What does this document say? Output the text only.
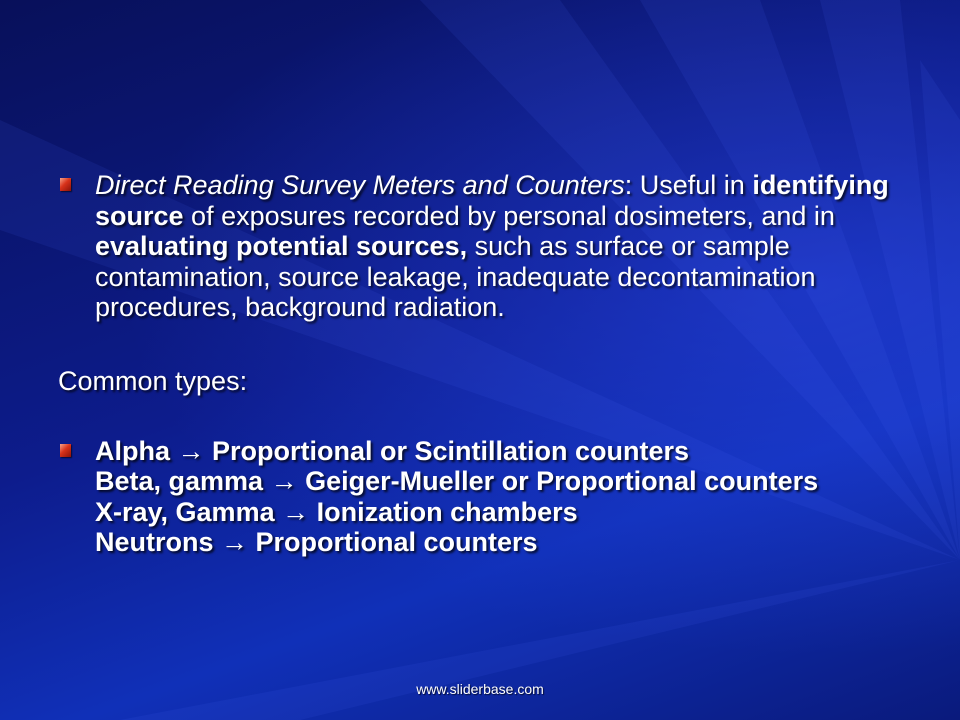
Direct Reading Survey Meters and Counters: Useful in identifying source of exposures recorded by personal dosimeters, and in evaluating potential sources, such as surface or sample contamination, source leakage, inadequate decontamination procedures, background radiation.
Common types:
Alpha → Proportional or Scintillation counters
Beta, gamma → Geiger-Mueller or Proportional counters
X-ray, Gamma → Ionization chambers
Neutrons → Proportional counters
www.sliderbase.com
